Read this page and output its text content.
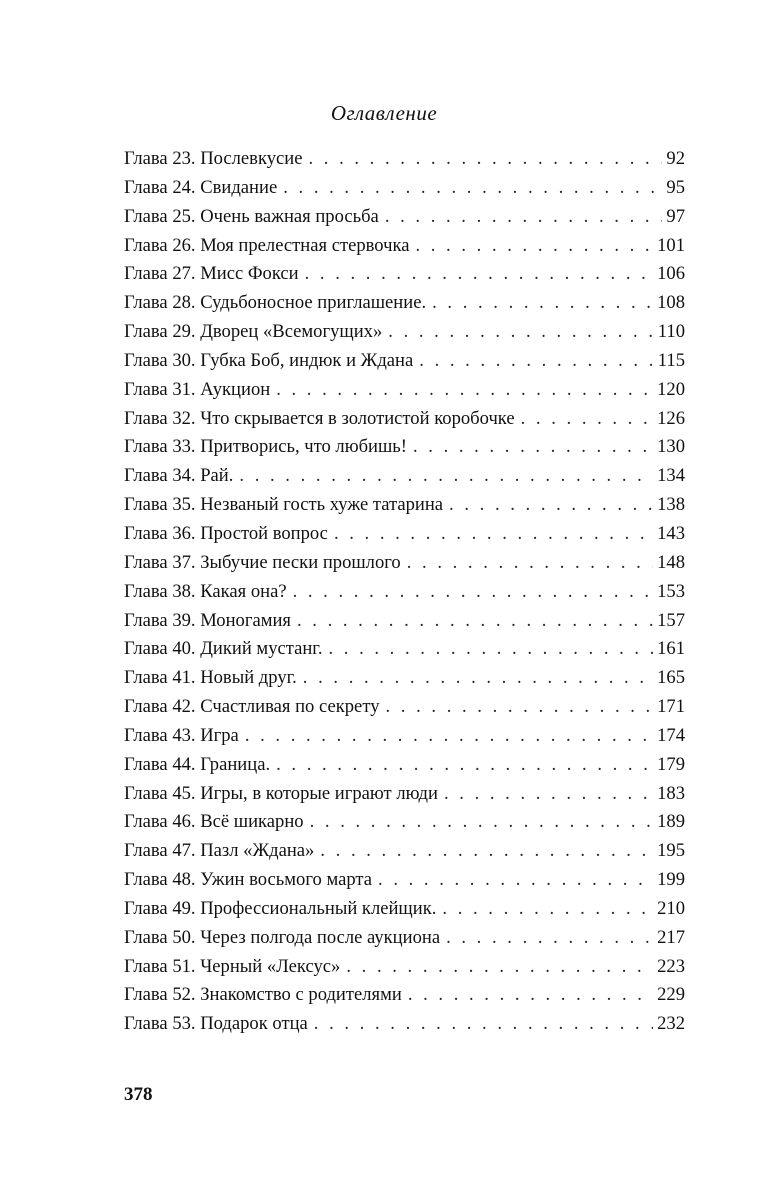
Оглавление
Глава 23. Послевкусие . . .	92
Глава 24. Свидание . . .	95
Глава 25. Очень важная просьба . . .	97
Глава 26. Моя прелестная стервочка . . .	101
Глава 27. Мисс Фокси . . .	106
Глава 28. Судьбоносное приглашение. . . .	108
Глава 29. Дворец «Всемогущих» . . .	110
Глава 30. Губка Боб, индюк и Ждана . . .	115
Глава 31. Аукцион . . .	120
Глава 32. Что скрывается в золотистой коробочке . . .	126
Глава 33. Притворись, что любишь! . . .	130
Глава 34. Рай. . . .	134
Глава 35. Незваный гость хуже татарина . . .	138
Глава 36. Простой вопрос . . .	143
Глава 37. Зыбучие пески прошлого . . .	148
Глава 38. Какая она? . . .	153
Глава 39. Моногамия . . .	157
Глава 40. Дикий мустанг. . . .	161
Глава 41. Новый друг. . . .	165
Глава 42. Счастливая по секрету . . .	171
Глава 43. Игра . . .	174
Глава 44. Граница. . . .	179
Глава 45. Игры, в которые играют люди . . .	183
Глава 46. Всё шикарно . . .	189
Глава 47. Пазл «Ждана» . . .	195
Глава 48. Ужин восьмого марта . . .	199
Глава 49. Профессиональный клейщик. . . .	210
Глава 50. Через полгода после аукциона . . .	217
Глава 51. Черный «Лексус» . . .	223
Глава 52. Знакомство с родителями . . .	229
Глава 53. Подарок отца . . .	232
378
